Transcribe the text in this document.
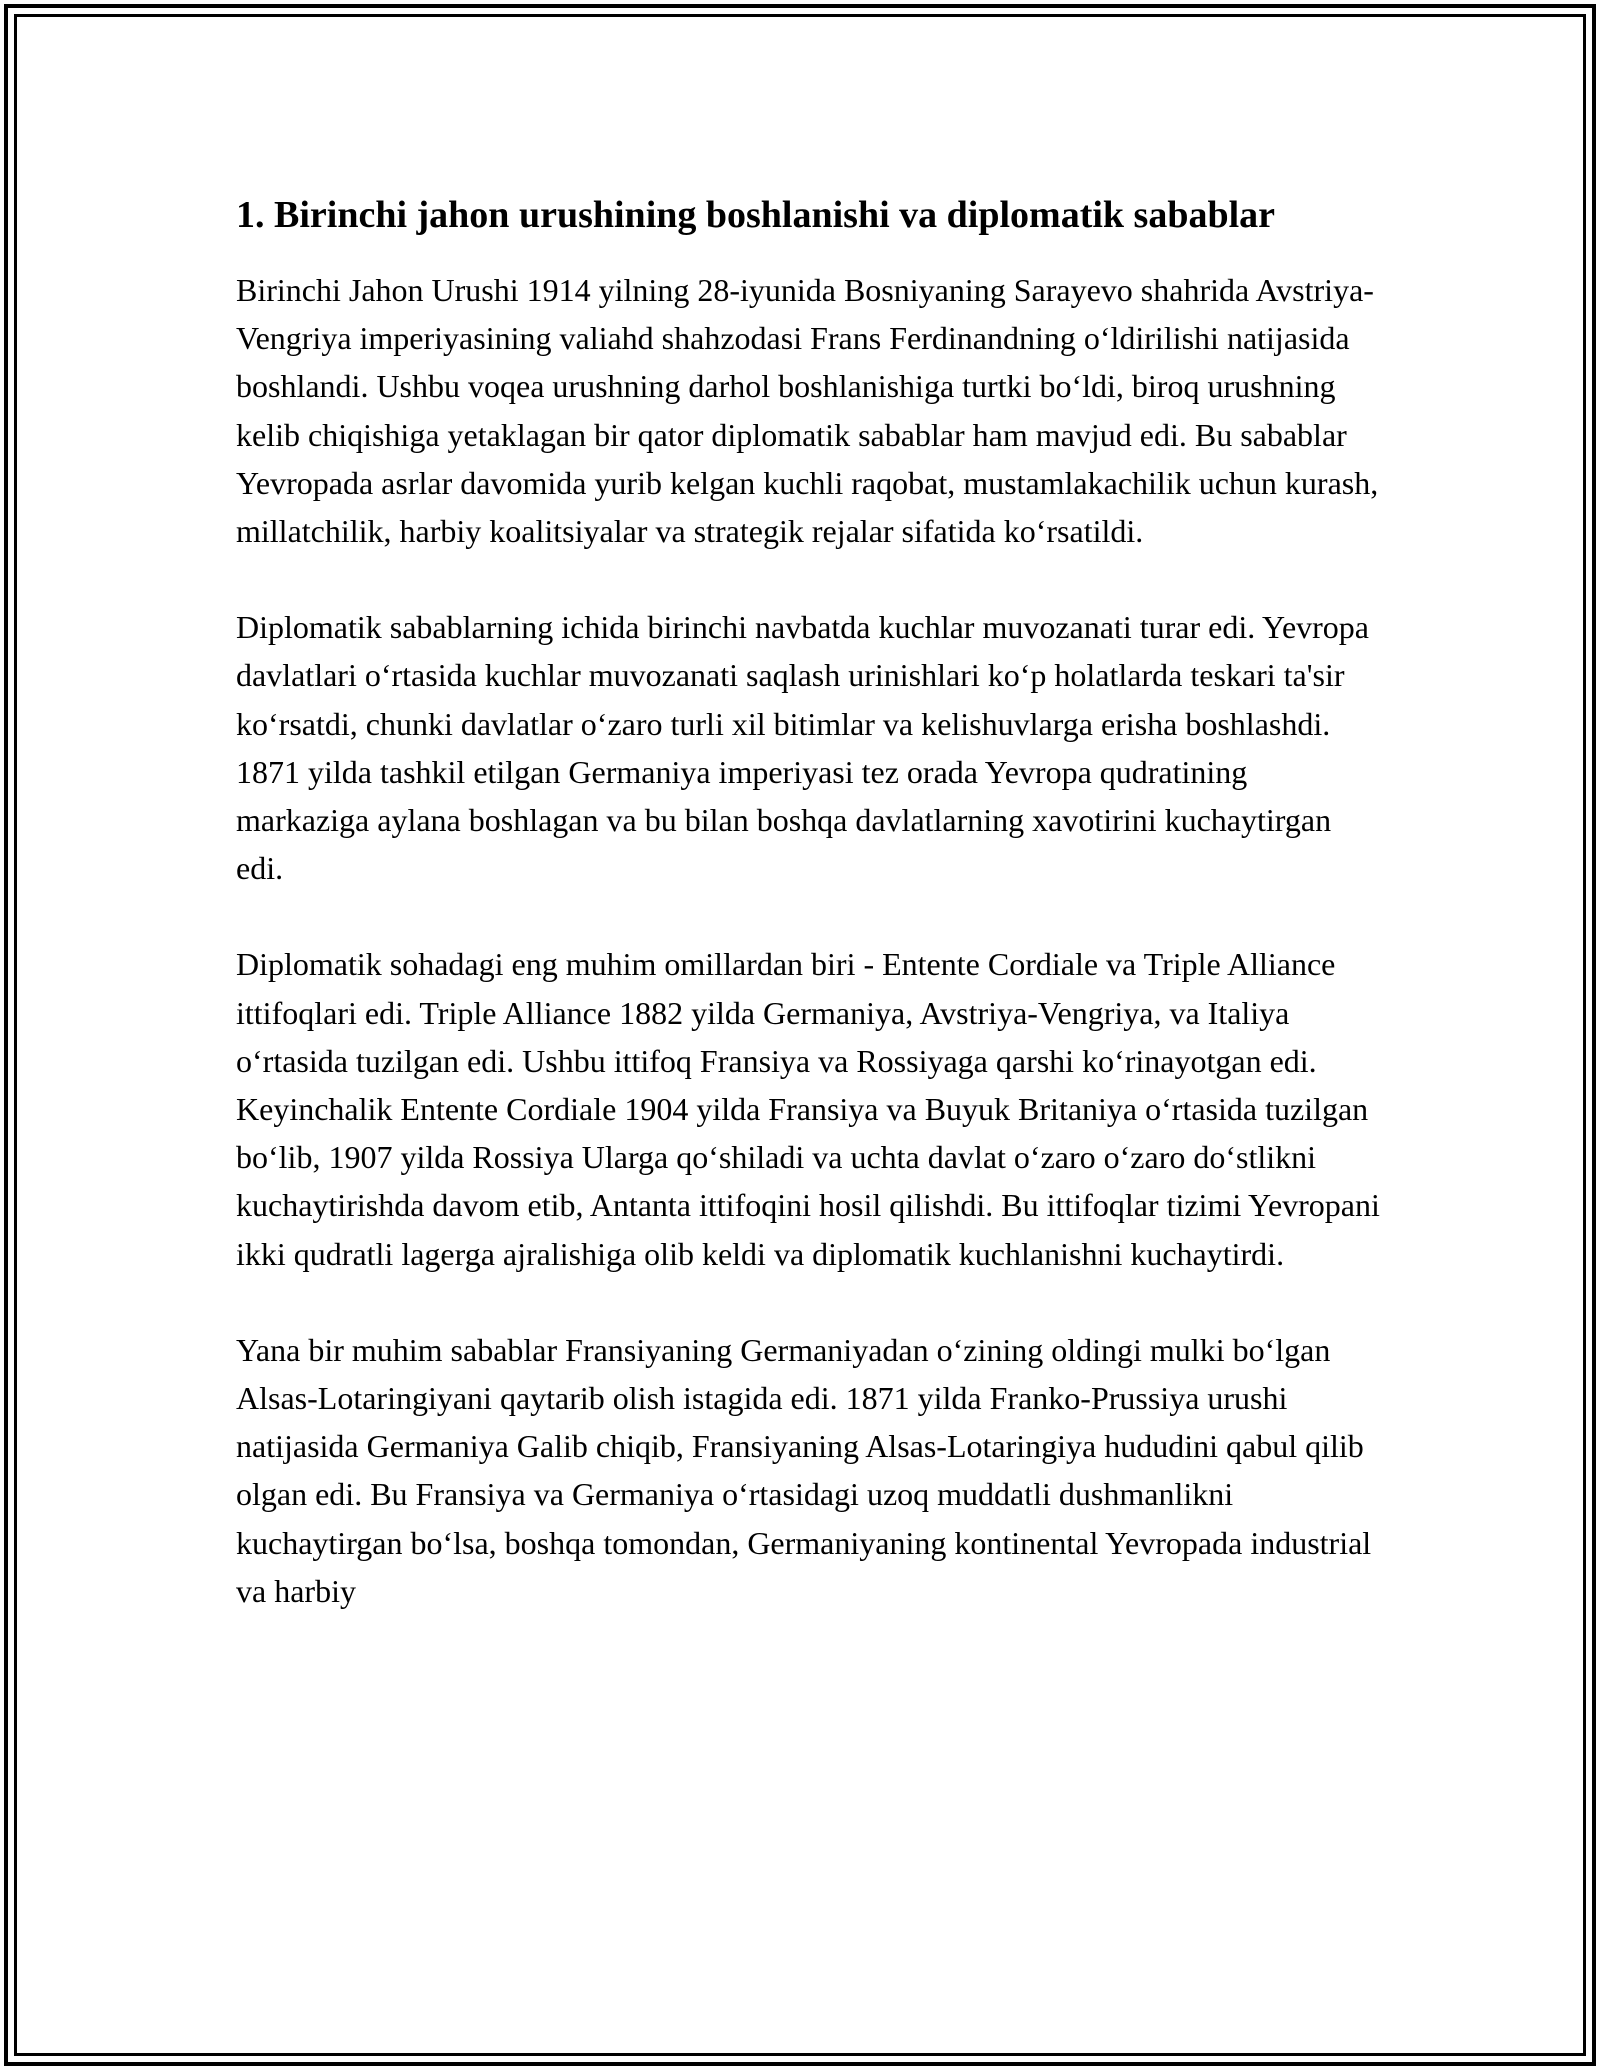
1. Birinchi jahon urushining boshlanishi va diplomatik sabablar

Birinchi Jahon Urushi 1914 yilning 28-iyunida Bosniyaning Sarayevo shahrida Avstriya-Vengriya imperiyasining valiahd shahzodasi Frans Ferdinandning oʻldirilishi natijasida boshlandi. Ushbu voqea urushning darhol boshlanishiga turtki boʻldi, biroq urushning kelib chiqishiga yetaklagan bir qator diplomatik sabablar ham mavjud edi. Bu sabablar Yevropada asrlar davomida yurib kelgan kuchli raqobat, mustamlakachilik uchun kurash, millatchilik, harbiy koalitsiyalar va strategik rejalar sifatida koʻrsatildi.

Diplomatik sabablarning ichida birinchi navbatda kuchlar muvozanati turar edi. Yevropa davlatlari oʻrtasida kuchlar muvozanati saqlash urinishlari koʻp holatlarda teskari ta'sir koʻrsatdi, chunki davlatlar oʻzaro turli xil bitimlar va kelishuvlarga erisha boshlashdi. 1871 yilda tashkil etilgan Germaniya imperiyasi tez orada Yevropa qudratining markaziga aylana boshlagan va bu bilan boshqa davlatlarning xavotirini kuchaytirgan edi.

Diplomatik sohadagi eng muhim omillardan biri - Entente Cordiale va Triple Alliance ittifoqlari edi. Triple Alliance 1882 yilda Germaniya, Avstriya-Vengriya, va Italiya oʻrtasida tuzilgan edi. Ushbu ittifoq Fransiya va Rossiyaga qarshi koʻrinayotgan edi. Keyinchalik Entente Cordiale 1904 yilda Fransiya va Buyuk Britaniya oʻrtasida tuzilgan boʻlib, 1907 yilda Rossiya Ularga qoʻshiladi va uchta davlat oʻzaro oʻzaro doʻstlikni kuchaytirishda davom etib, Antanta ittifoqini hosil qilishdi. Bu ittifoqlar tizimi Yevropani ikki qudratli lagerga ajralishiga olib keldi va diplomatik kuchlanishni kuchaytirdi.

Yana bir muhim sabablar Fransiyaning Germaniyadan oʻzining oldingi mulki boʻlgan Alsas-Lotaringiyani qaytarib olish istagida edi. 1871 yilda Franko-Prussiya urushi natijasida Germaniya Galib chiqib, Fransiyaning Alsas-Lotaringiya hududini qabul qilib olgan edi. Bu Fransiya va Germaniya oʻrtasidagi uzoq muddatli dushmanlikni kuchaytirgan boʻlsa, boshqa tomondan, Germaniyaning kontinental Yevropada industrial va harbiy
